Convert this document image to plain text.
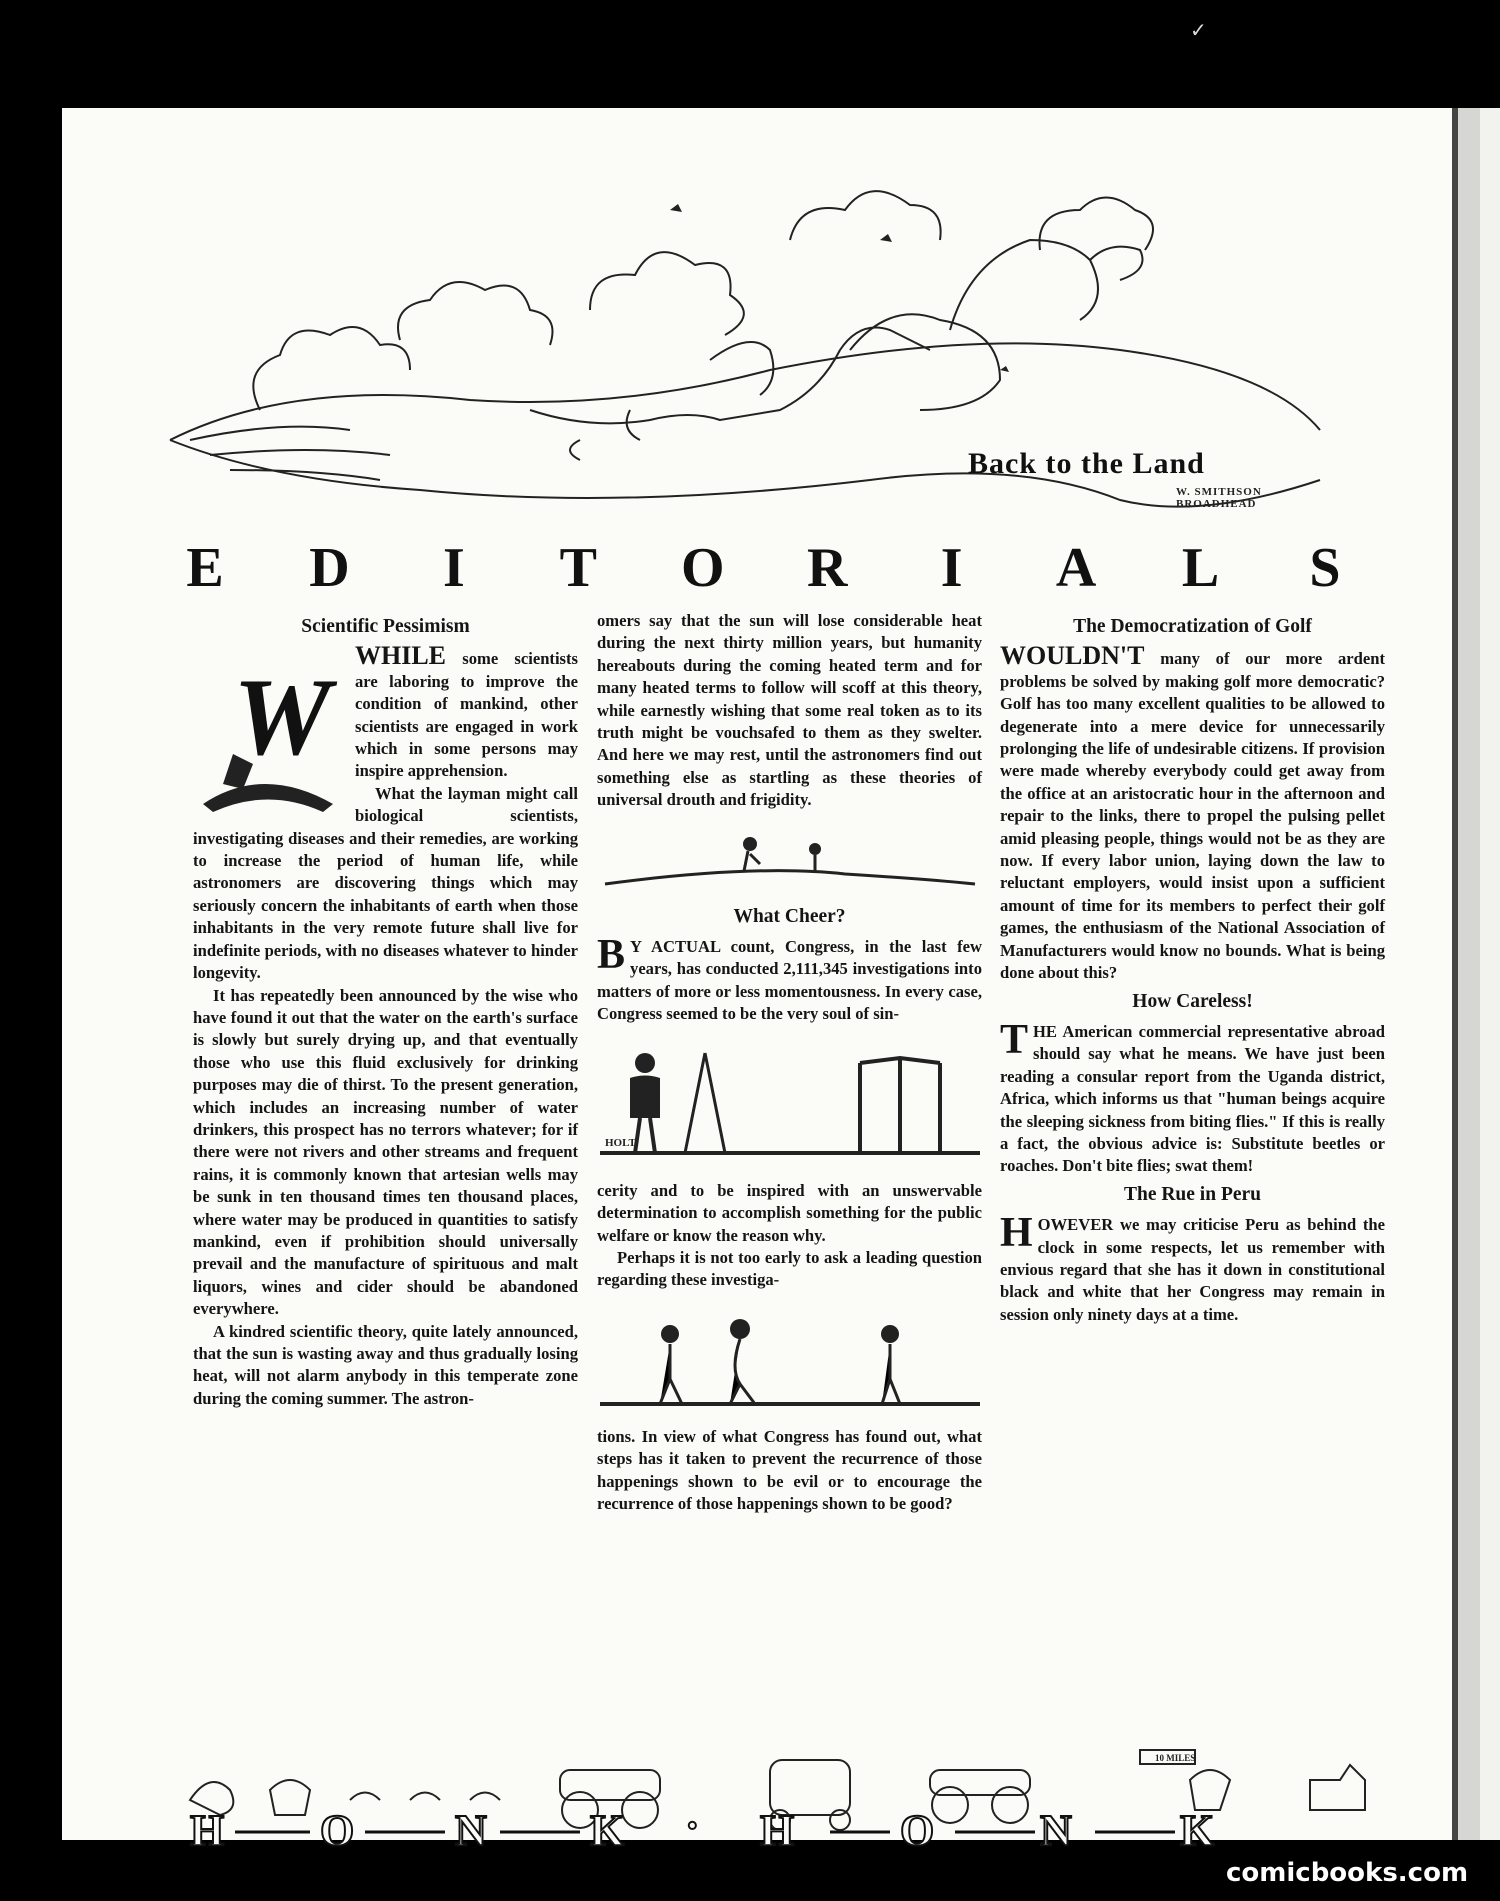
✓
Back to the Land
W. SMITHSON
BROADHEAD
E D	I	T O R	I	A L S
Scientific Pessimism
W

WHILE some scientists are laboring to improve the condition of mankind, other scientists are engaged in work which in some persons may inspire apprehension.

What the layman might call biological scientists, investigating diseases and their remedies, are working to increase the period of human life, while astronomers are discovering things which may seriously concern the inhabitants of earth when those inhabitants in the very remote future shall live for indefinite periods, with no diseases whatever to hinder longevity.

It has repeatedly been announced by the wise who have found it out that the water on the earth's surface is slowly but surely drying up, and that eventually those who use this fluid exclusively for drinking purposes may die of thirst. To the present generation, which includes an increasing number of water drinkers, this prospect has no terrors whatever; for if there were not rivers and other streams and frequent rains, it is commonly known that artesian wells may be sunk in ten thousand times ten thousand places, where water may be produced in quantities to satisfy mankind, even if prohibition should universally prevail and the manufacture of spirituous and malt liquors, wines and cider should be abandoned everywhere.

A kindred scientific theory, quite lately announced, that the sun is wasting away and thus gradually losing heat, will not alarm anybody in this temperate zone during the coming summer. The astron-

omers say that the sun will lose considerable heat during the next thirty million years, but humanity hereabouts during the coming heated term and for many heated terms to follow will scoff at this theory, while earnestly wishing that some real token as to its truth might be vouchsafed to them as they swelter. And here we may rest, until the astronomers find out something else as startling as these theories of universal drouth and frigidity.

What Cheer?

B Y ACTUAL count, Congress, in the last few years, has conducted 2,111,345 investigations into matters of more or less momentousness. In every case, Congress seemed to be the very soul of sin-

HOLT

cerity and to be inspired with an unswervable determination to accomplish something for the public welfare or know the reason why.

Perhaps it is not too early to ask a leading question regarding these investiga-

tions. In view of what Congress has found out, what steps has it taken to prevent the recurrence of those happenings shown to be evil or to encourage the recurrence of those happenings shown to be good?

The Democratization of Golf

WOULDN'T many of our more ardent problems be solved by making golf more democratic? Golf has too many excellent qualities to be allowed to degenerate into a mere device for unnecessarily prolonging the life of undesirable citizens. If provision were made whereby everybody could get away from the office at an aristocratic hour in the afternoon and repair to the links, there to propel the pulsing pellet amid pleasing people, things would not be as they are now. If every labor union, laying down the law to reluctant employers, would insist upon a sufficient amount of time for its members to perfect their golf games, the enthusiasm of the National Association of Manufacturers would know no bounds. What is being done about this?

How Careless!

THE American commercial representative abroad should say what he means. We have just been reading a consular report from the Uganda district, Africa, which informs us that "human beings acquire the sleeping sickness from biting flies." If this is really a fact, the obvious advice is: Substitute beetles or roaches. Don't bite flies; swat them!

The Rue in Peru

HOWEVER we may criticise Peru as behind the clock in some respects, let us remember with envious regard that she has it down in constitutional black and white that her Congress may remain in session only ninety days at a time.

10 MILES
H O N K · H O N K
comicbooks.com
